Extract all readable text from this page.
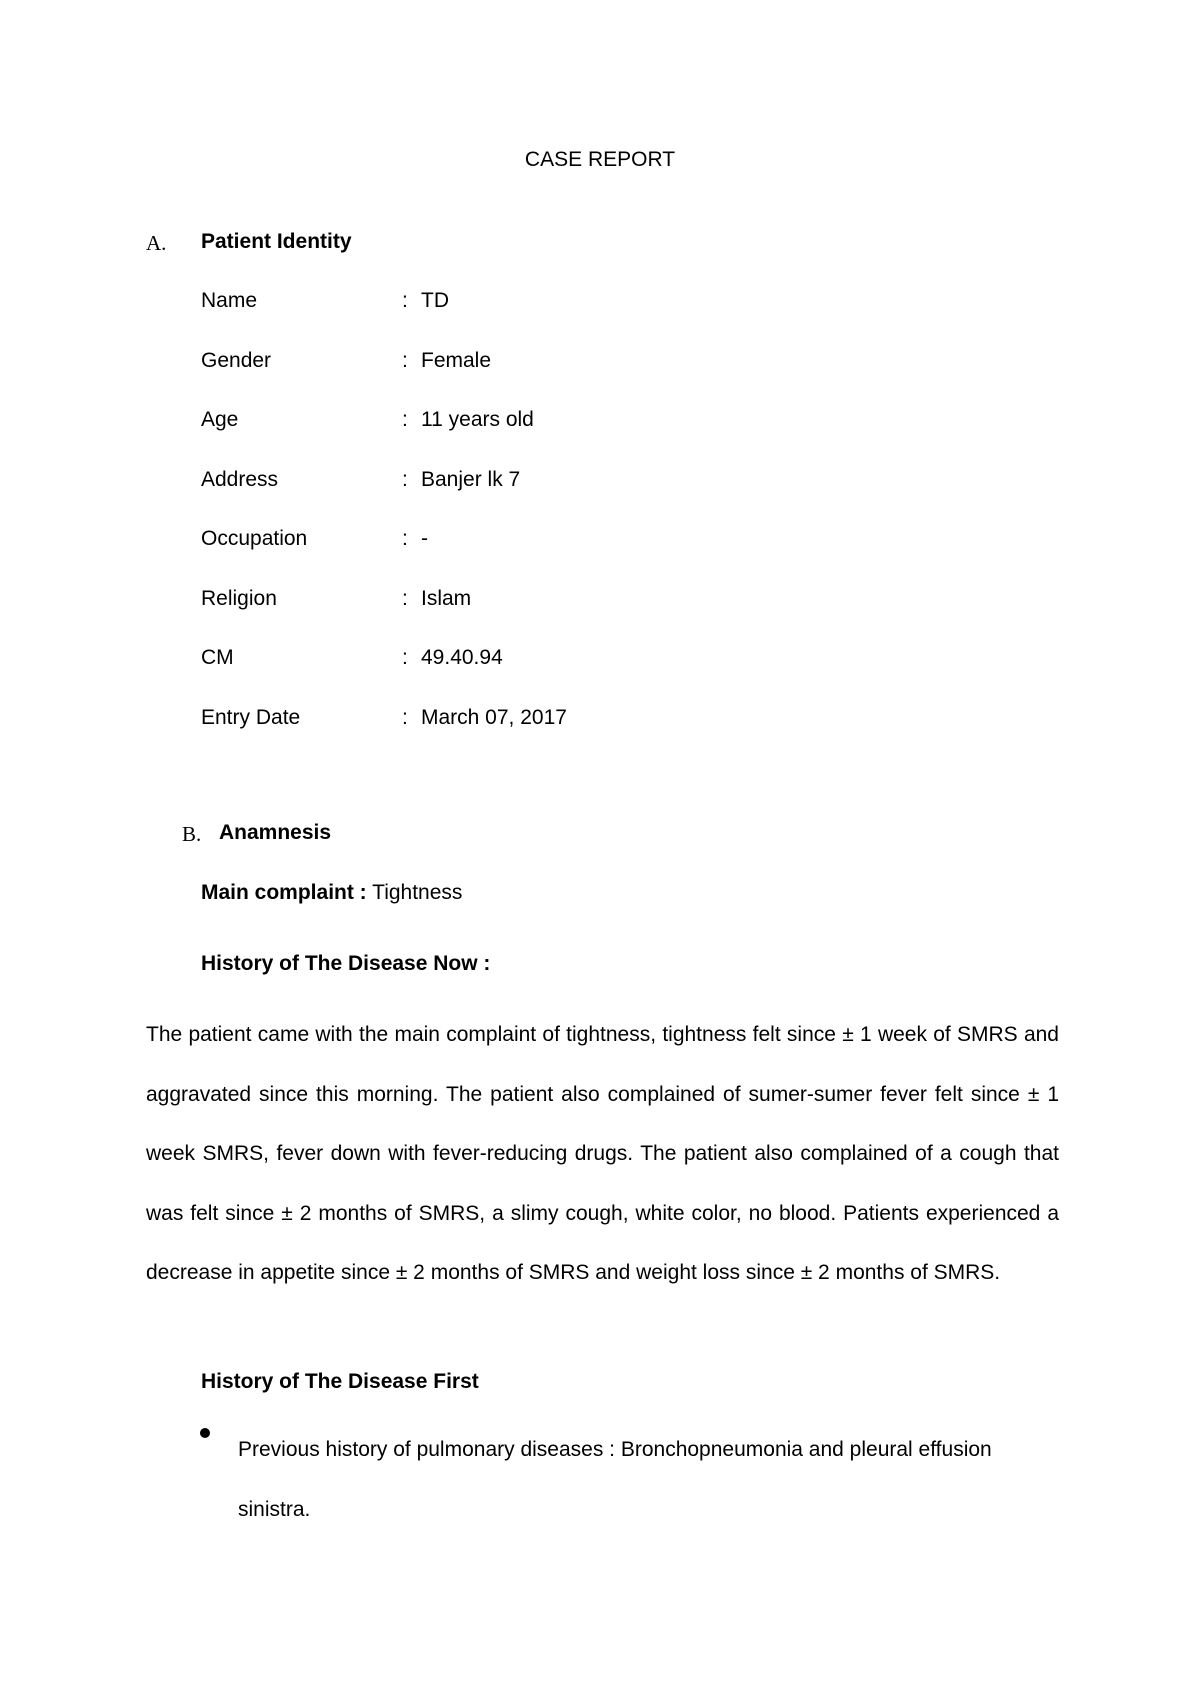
CASE REPORT
A. Patient Identity
Name	: TD
Gender	: Female
Age	: 11 years old
Address	: Banjer lk 7
Occupation	: -
Religion	: Islam
CM	: 49.40.94
Entry Date	: March 07, 2017
B. Anamnesis
Main complaint : Tightness
History of The Disease Now :
The patient came with the main complaint of tightness, tightness felt since ± 1 week of SMRS and aggravated since this morning. The patient also complained of sumer-sumer fever felt since ± 1 week SMRS, fever down with fever-reducing drugs. The patient also complained of a cough that was felt since ± 2 months of SMRS, a slimy cough, white color, no blood. Patients experienced a decrease in appetite since ± 2 months of SMRS and weight loss since ± 2 months of SMRS.
History of The Disease First
Previous history of pulmonary diseases : Bronchopneumonia and pleural effusion sinistra.
